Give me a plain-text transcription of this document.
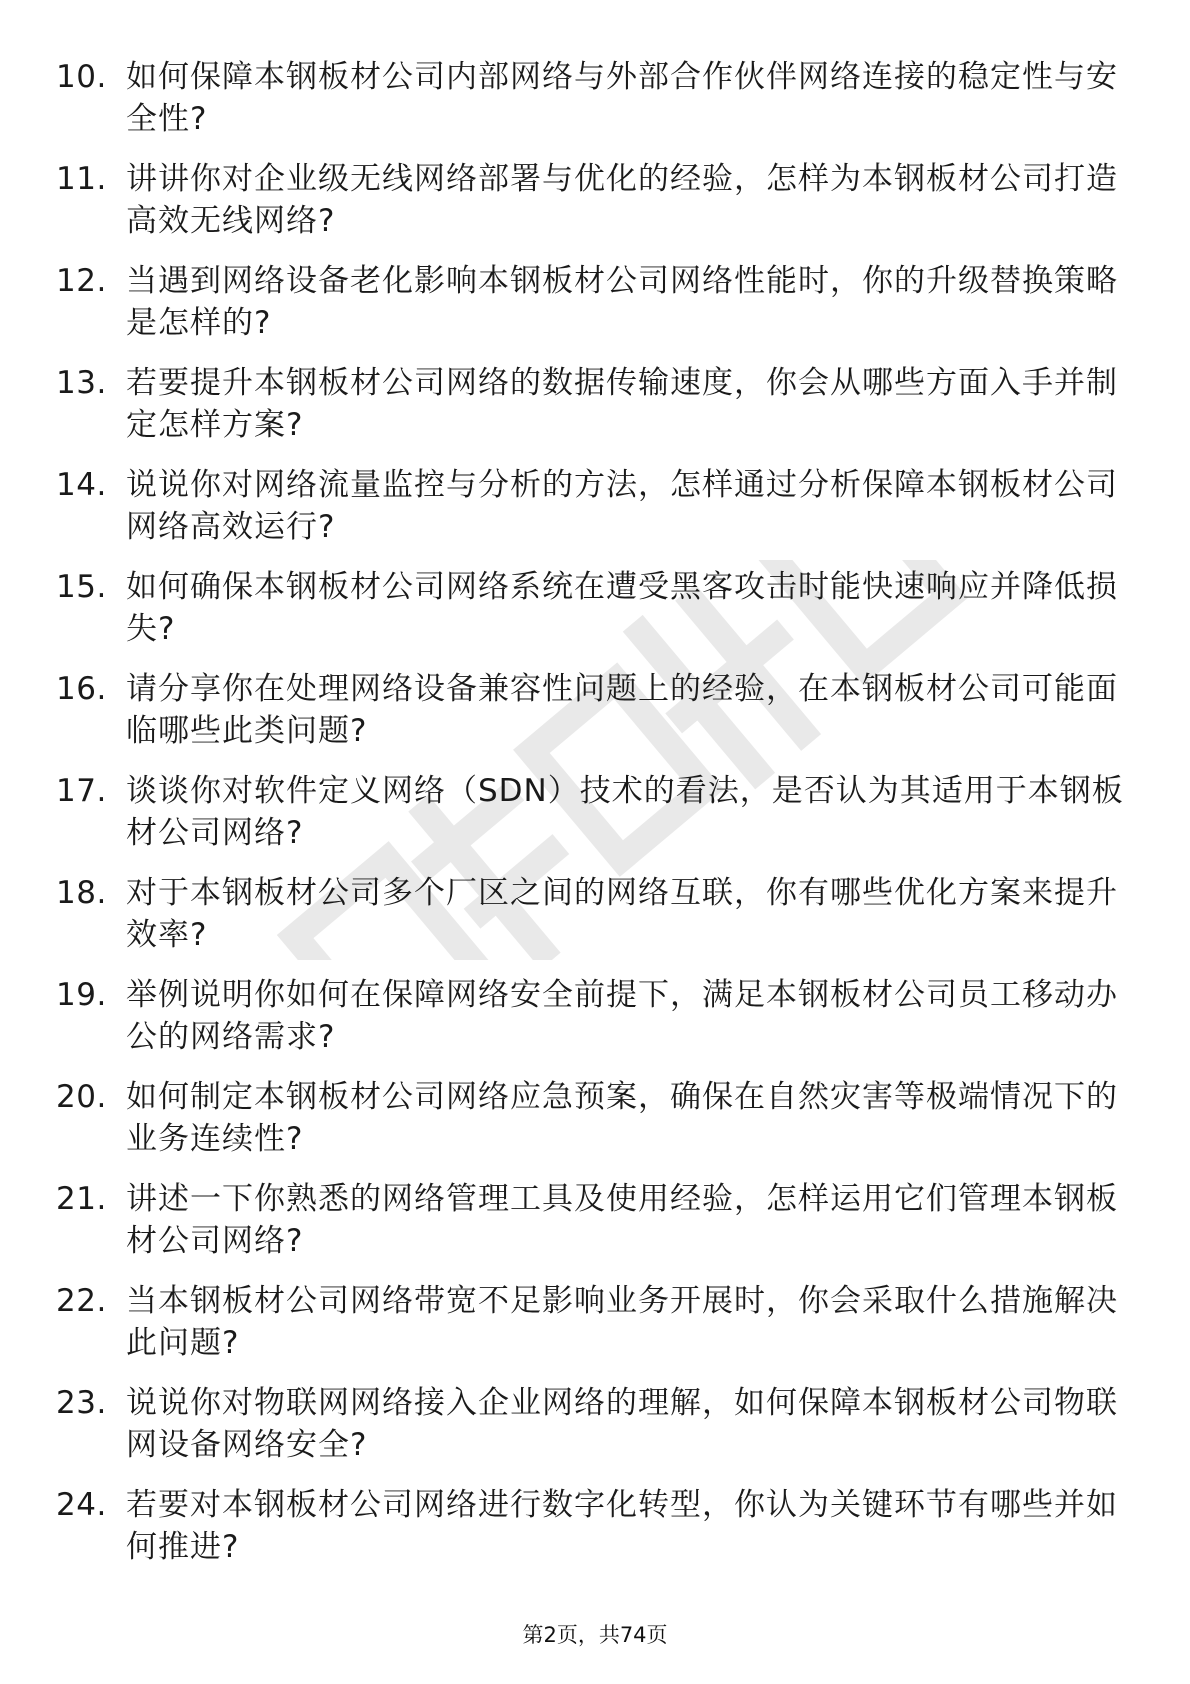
10. 如何保障本钢板材公司内部网络与外部合作伙伴网络连接的稳定性与安全性?
11. 讲讲你对企业级无线网络部署与优化的经验，怎样为本钢板材公司打造高效无线网络?
12. 当遇到网络设备老化影响本钢板材公司网络性能时，你的升级替换策略是怎样的?
13. 若要提升本钢板材公司网络的数据传输速度，你会从哪些方面入手并制定怎样方案?
14. 说说你对网络流量监控与分析的方法，怎样通过分析保障本钢板材公司网络高效运行?
15. 如何确保本钢板材公司网络系统在遭受黑客攻击时能快速响应并降低损失?
16. 请分享你在处理网络设备兼容性问题上的经验，在本钢板材公司可能面临哪些此类问题?
17. 谈谈你对软件定义网络（SDN）技术的看法，是否认为其适用于本钢板材公司网络?
18. 对于本钢板材公司多个厂区之间的网络互联，你有哪些优化方案来提升效率?
19. 举例说明你如何在保障网络安全前提下，满足本钢板材公司员工移动办公的网络需求?
20. 如何制定本钢板材公司网络应急预案，确保在自然灾害等极端情况下的业务连续性?
21. 讲述一下你熟悉的网络管理工具及使用经验，怎样运用它们管理本钢板材公司网络?
22. 当本钢板材公司网络带宽不足影响业务开展时，你会采取什么措施解决此问题?
23. 说说你对物联网网络接入企业网络的理解，如何保障本钢板材公司物联网设备网络安全?
24. 若要对本钢板材公司网络进行数字化转型，你认为关键环节有哪些并如何推进?
第2页，共74页
